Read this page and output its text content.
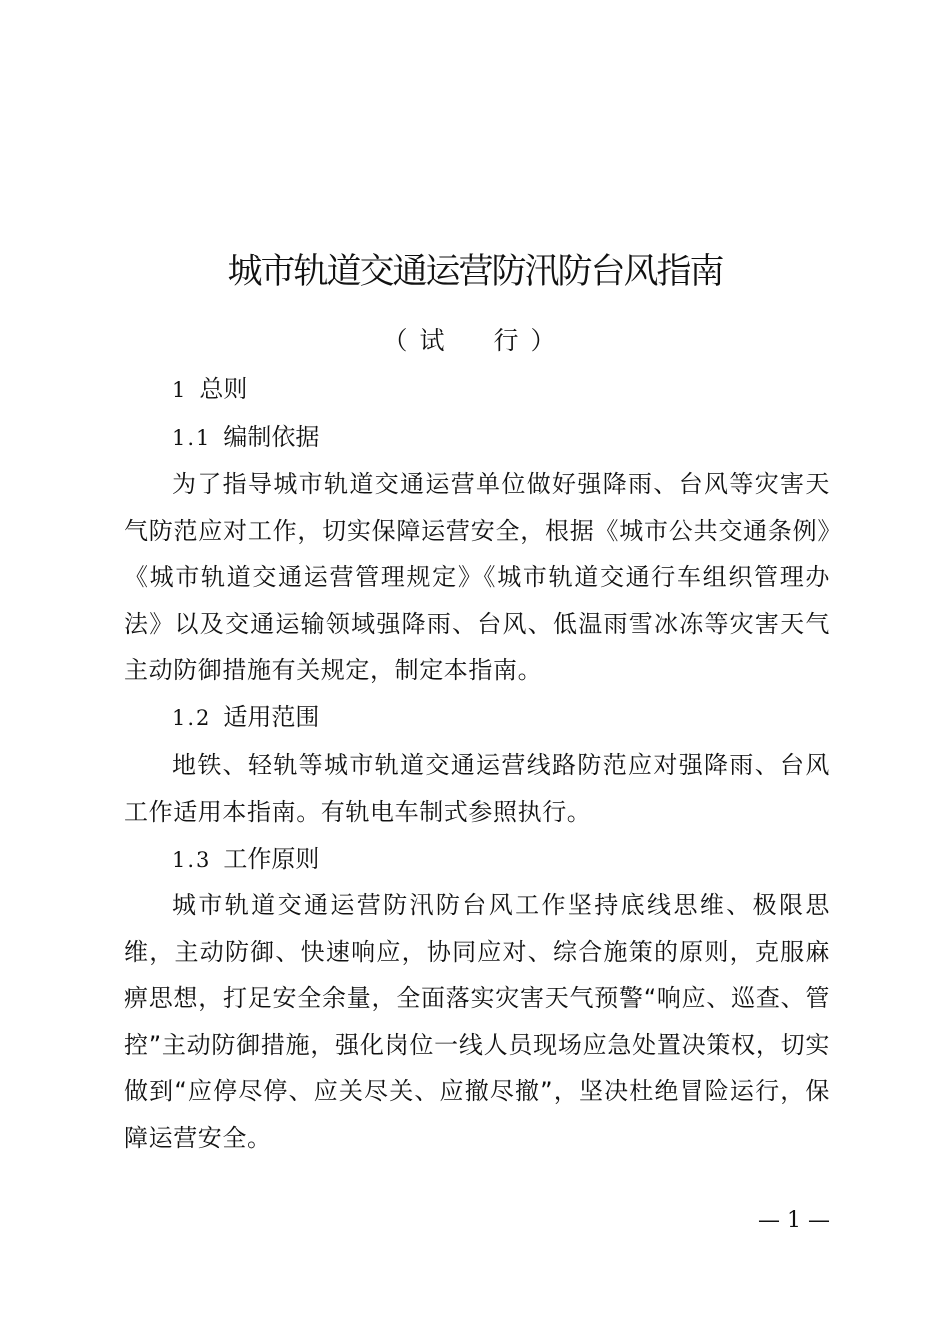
城市轨道交通运营防汛防台风指南
（试　行）
1 总则
1.1 编制依据

为了指导城市轨道交通运营单位做好强降雨、台风等灾害天气防范应对工作，切实保障运营安全，根据《城市公共交通条例》《城市轨道交通运营管理规定》《城市轨道交通行车组织管理办法》以及交通运输领域强降雨、台风、低温雨雪冰冻等灾害天气主动防御措施有关规定，制定本指南。

1.2 适用范围

地铁、轻轨等城市轨道交通运营线路防范应对强降雨、台风工作适用本指南。有轨电车制式参照执行。

1.3 工作原则

城市轨道交通运营防汛防台风工作坚持底线思维、极限思维，主动防御、快速响应，协同应对、综合施策的原则，克服麻痹思想，打足安全余量，全面落实灾害天气预警“响应、巡查、管控”主动防御措施，强化岗位一线人员现场应急处置决策权，切实做到“应停尽停、应关尽关、应撤尽撤”，坚决杜绝冒险运行，保障运营安全。

— 1 —
